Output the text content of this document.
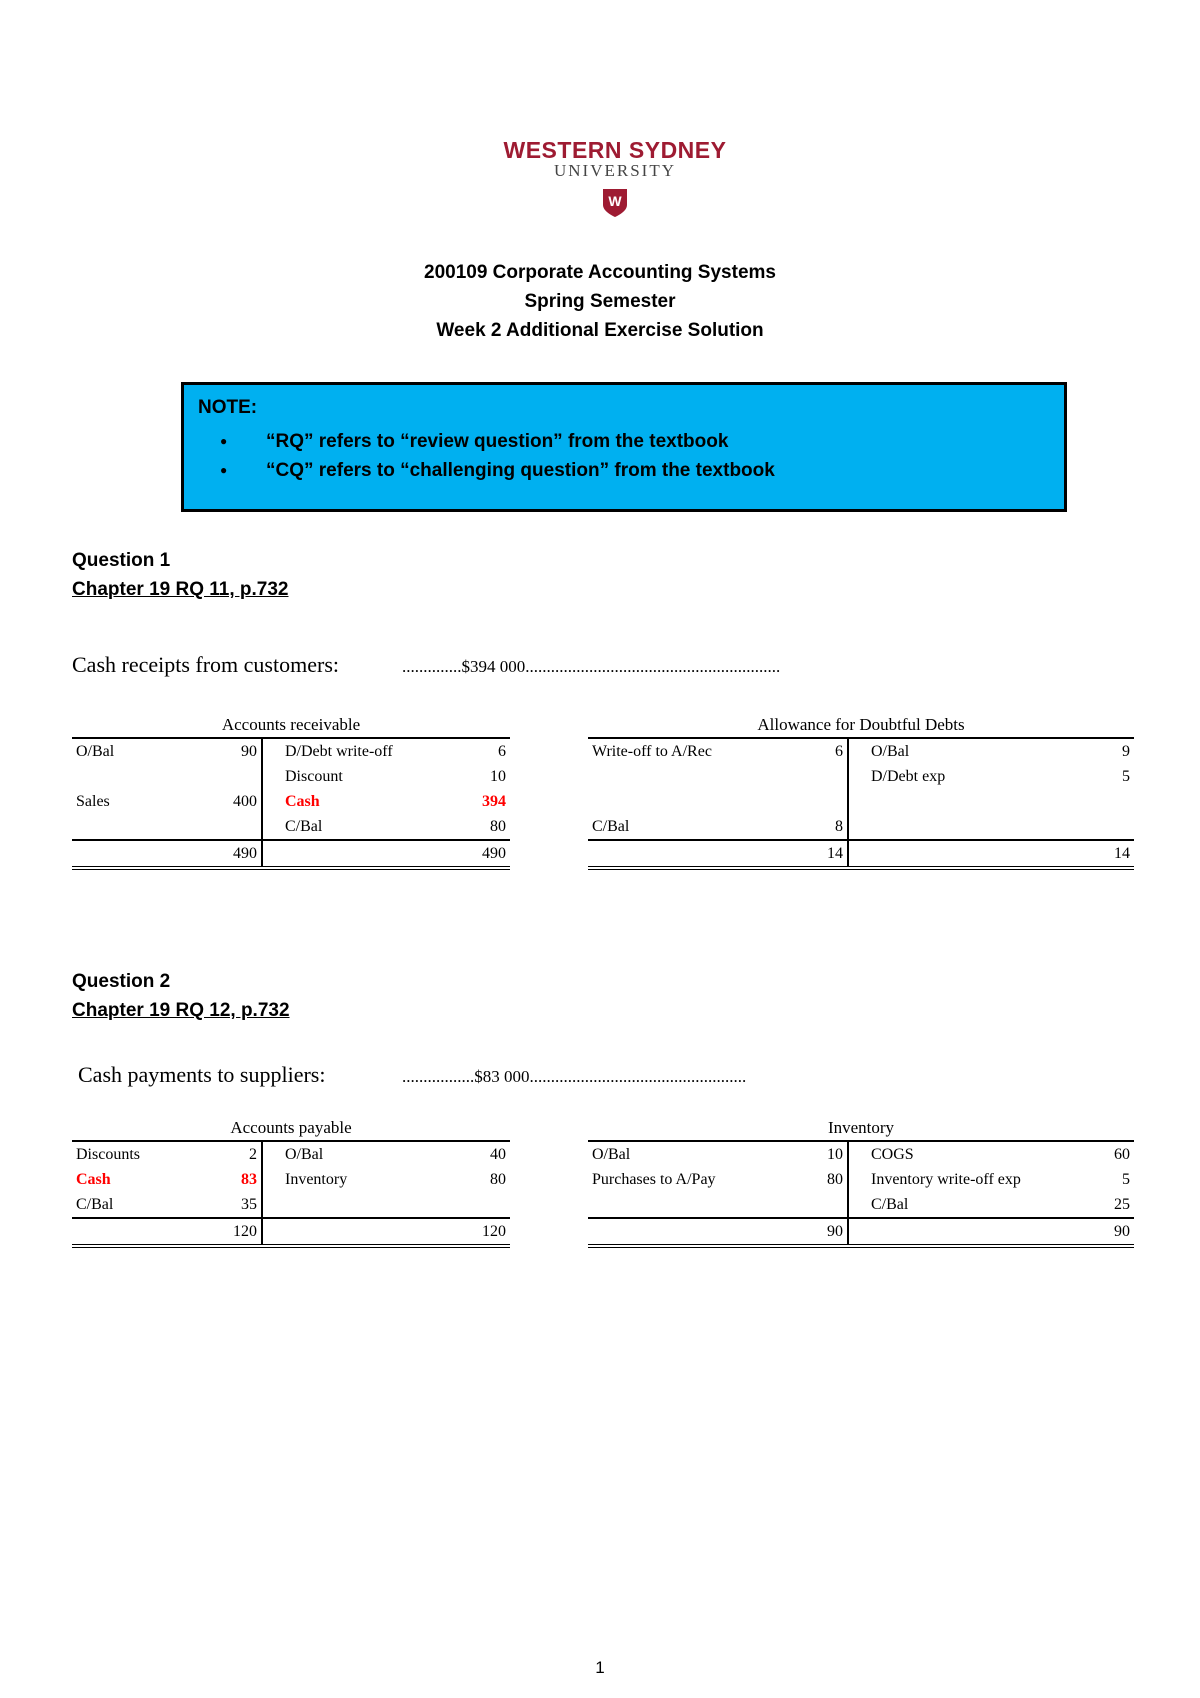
WESTERN SYDNEY
UNIVERSITY
W
200109 Corporate Accounting Systems
Spring Semester
Week 2 Additional Exercise Solution
NOTE:
● “RQ” refers to “review question” from the textbook
● “CQ” refers to “challenging question” from the textbook
Question 1
Chapter 19 RQ 11, p.732
Cash receipts from customers:	..............$394 000............................................................
Accounts receivable
O/Bal	90	D/Debt write-off	6
		Discount	10
Sales	400	Cash	394
		C/Bal	80
	490		490
Allowance for Doubtful Debts
Write-off to A/Rec	6	O/Bal	9
		D/Debt exp	5

C/Bal	8		
	14		14
Question 2
Chapter 19 RQ 12, p.732
Cash payments to suppliers:	.................$83 000...................................................
Accounts payable
Discounts	2	O/Bal	40
Cash	83	Inventory	80
C/Bal	35		
	120		120
Inventory
O/Bal	10	COGS	60
Purchases to A/Pay	80	Inventory write-off exp	5
		C/Bal	25
	90		90
1
